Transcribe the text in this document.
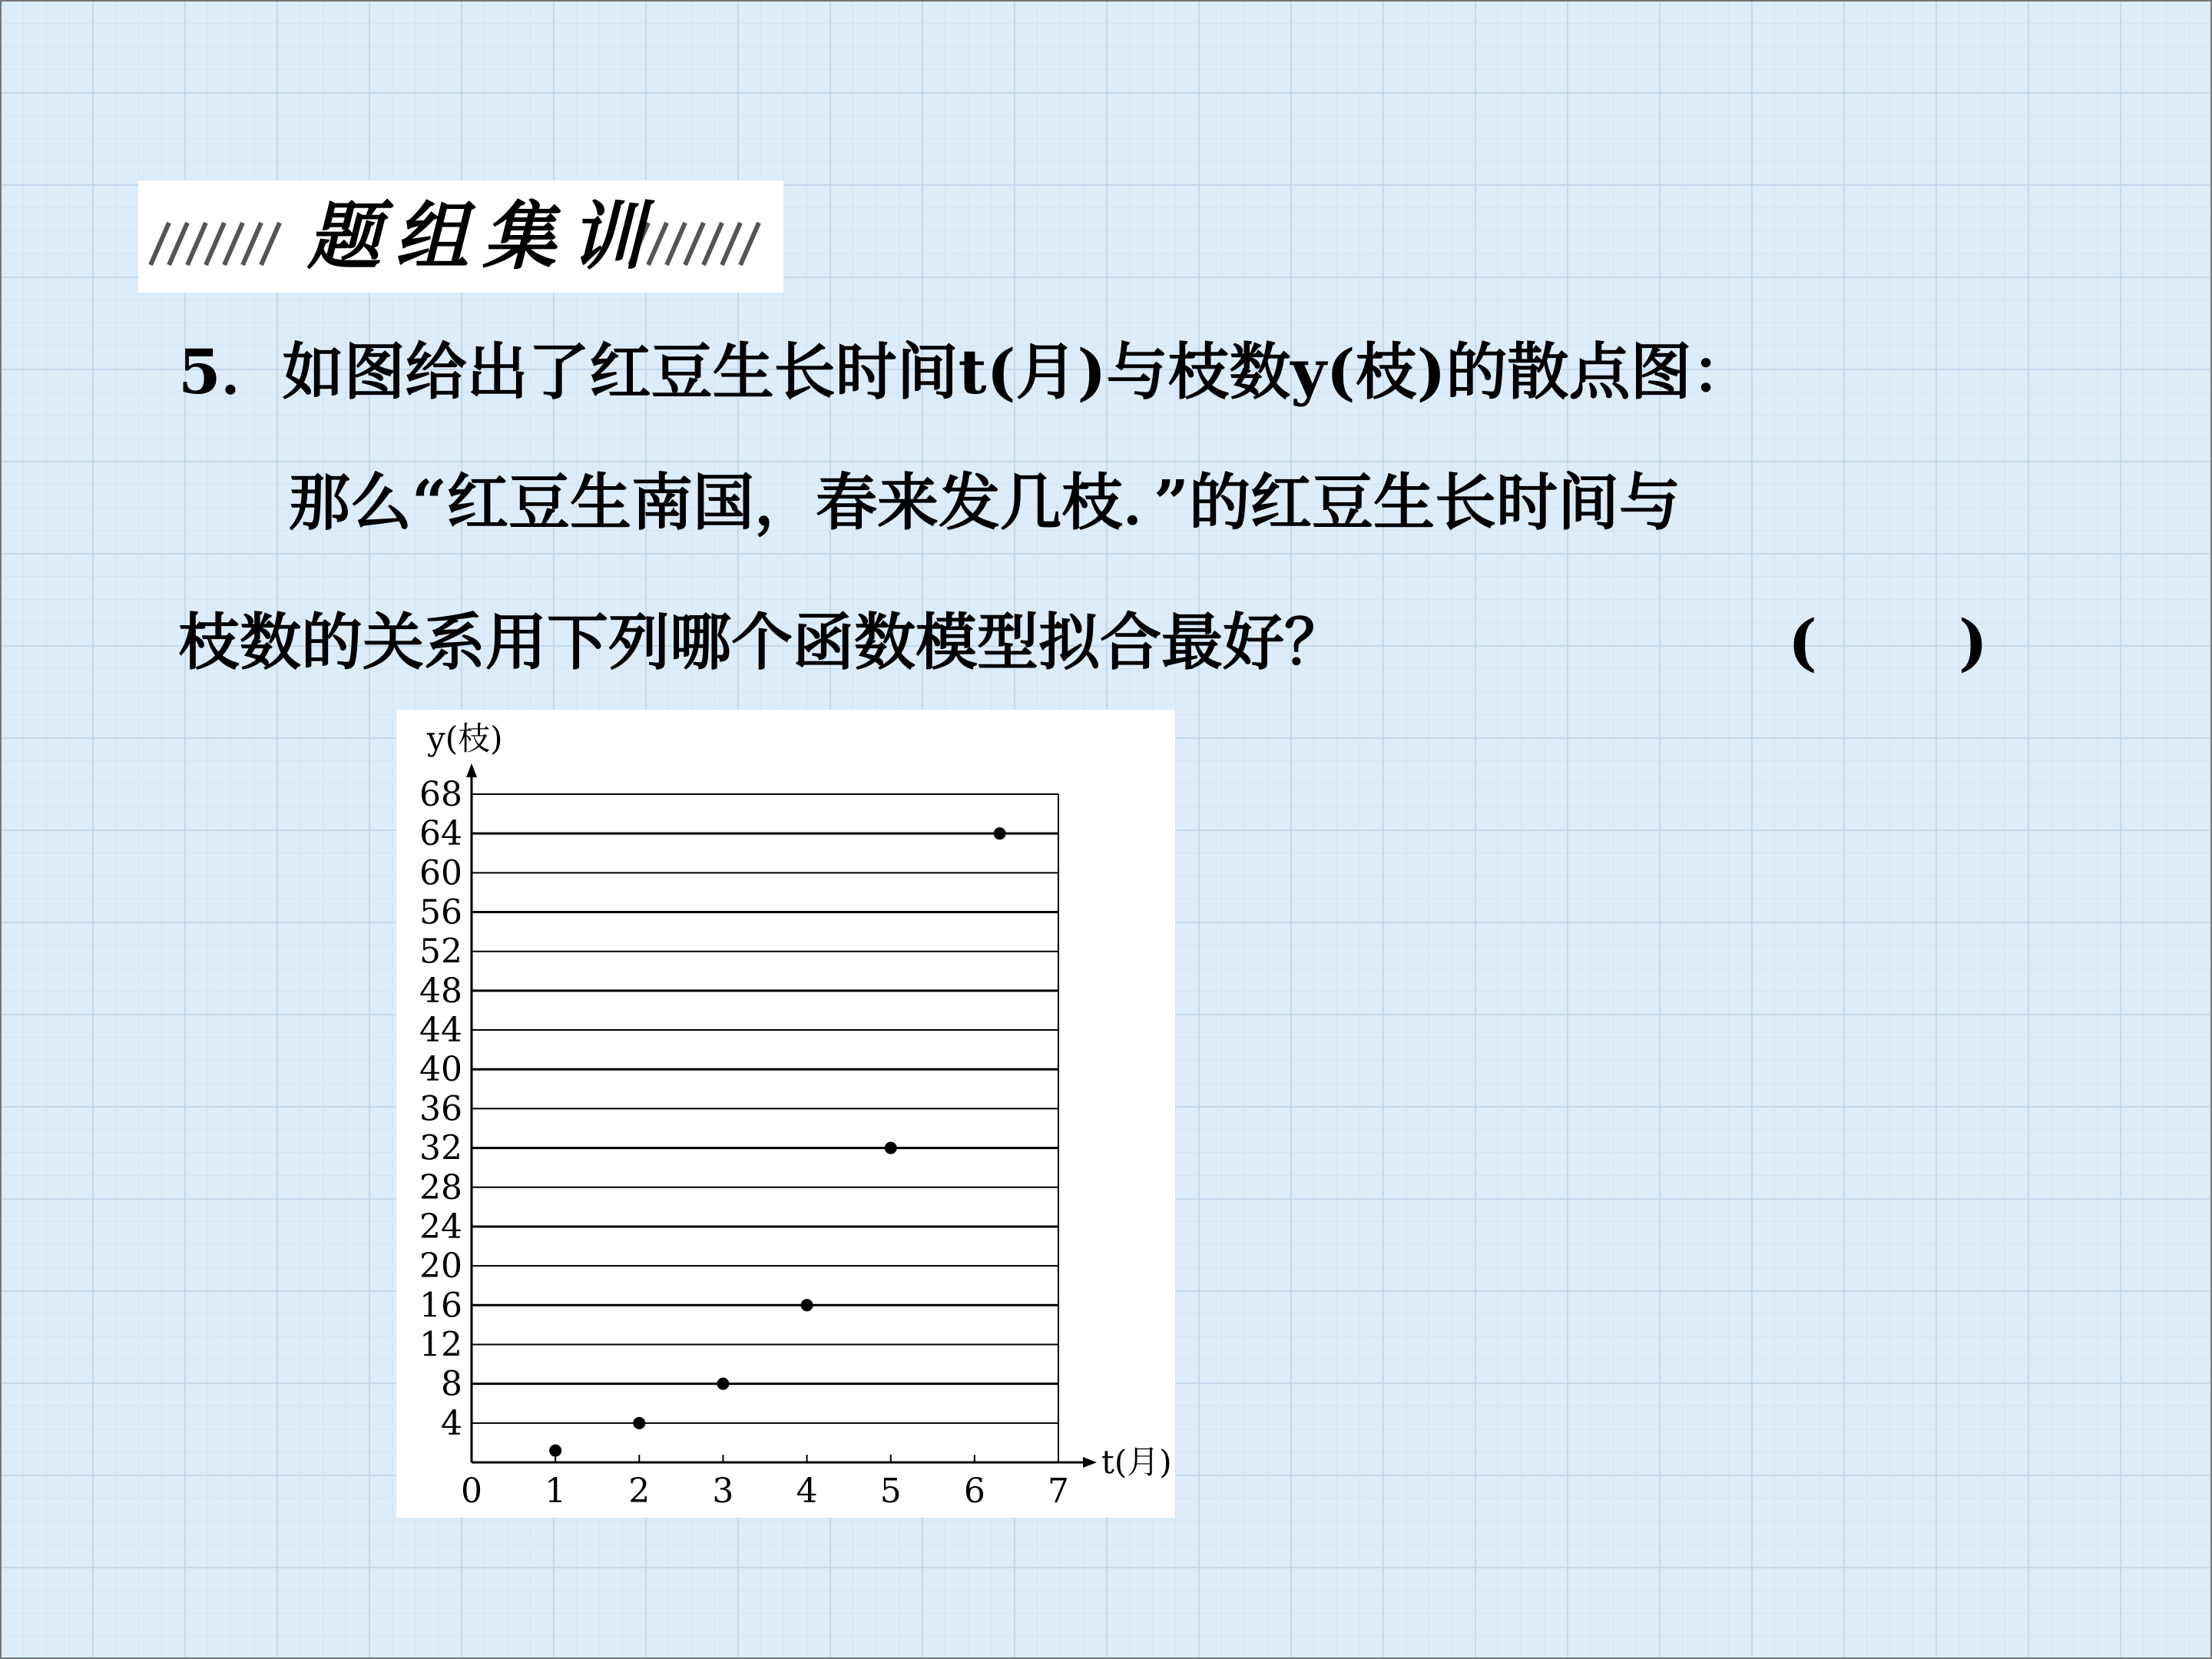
题组集训
5．如图给出了红豆生长时间t(月)与枝数y(枝)的散点图：
那么“红豆生南国，春来发几枝．”的红豆生长时间与
枝数的关系用下列哪个函数模型拟合最好？	( )
4
8
12
16
20
24
28
32
36
40
44
48
52
56
60
64
68
0 1 2 3 4 5 6 7
y(枝)
t(月)
